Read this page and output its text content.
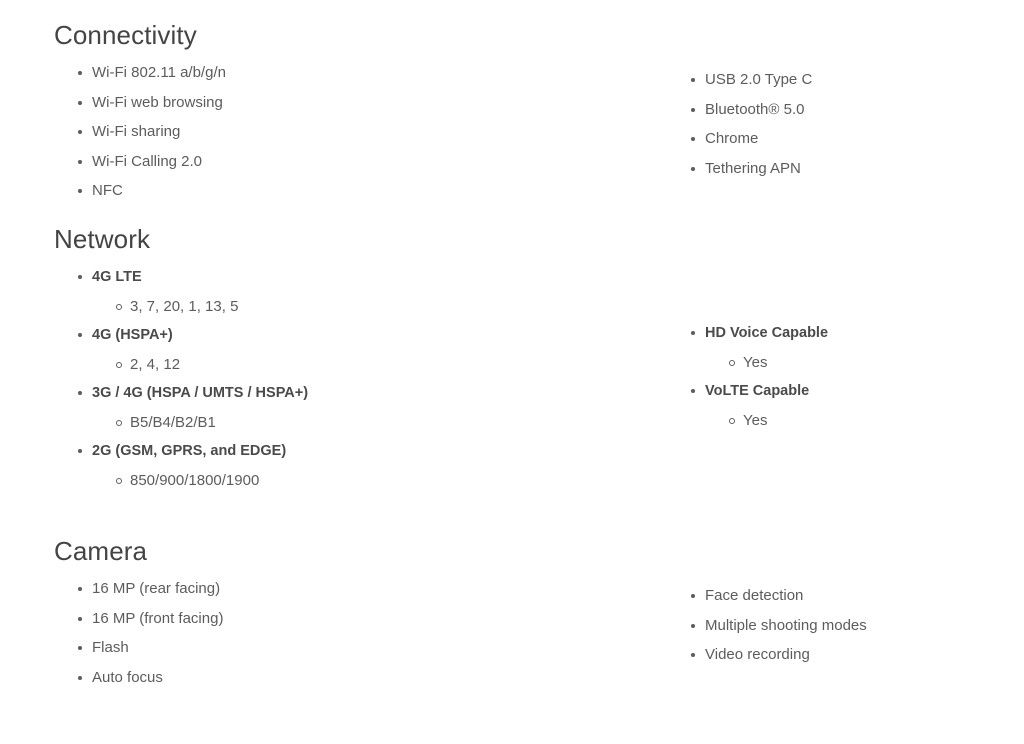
Connectivity
Wi-Fi 802.11 a/b/g/n
Wi-Fi web browsing
Wi-Fi sharing
Wi-Fi Calling 2.0
NFC
USB 2.0 Type C
Bluetooth® 5.0
Chrome
Tethering APN
Network
4G LTE
3, 7, 20, 1, 13, 5
4G (HSPA+)
2, 4, 12
3G / 4G (HSPA / UMTS / HSPA+)
B5/B4/B2/B1
2G (GSM, GPRS, and EDGE)
850/900/1800/1900
HD Voice Capable
Yes
VoLTE Capable
Yes
Camera
16 MP (rear facing)
16 MP (front facing)
Flash
Auto focus
Face detection
Multiple shooting modes
Video recording
